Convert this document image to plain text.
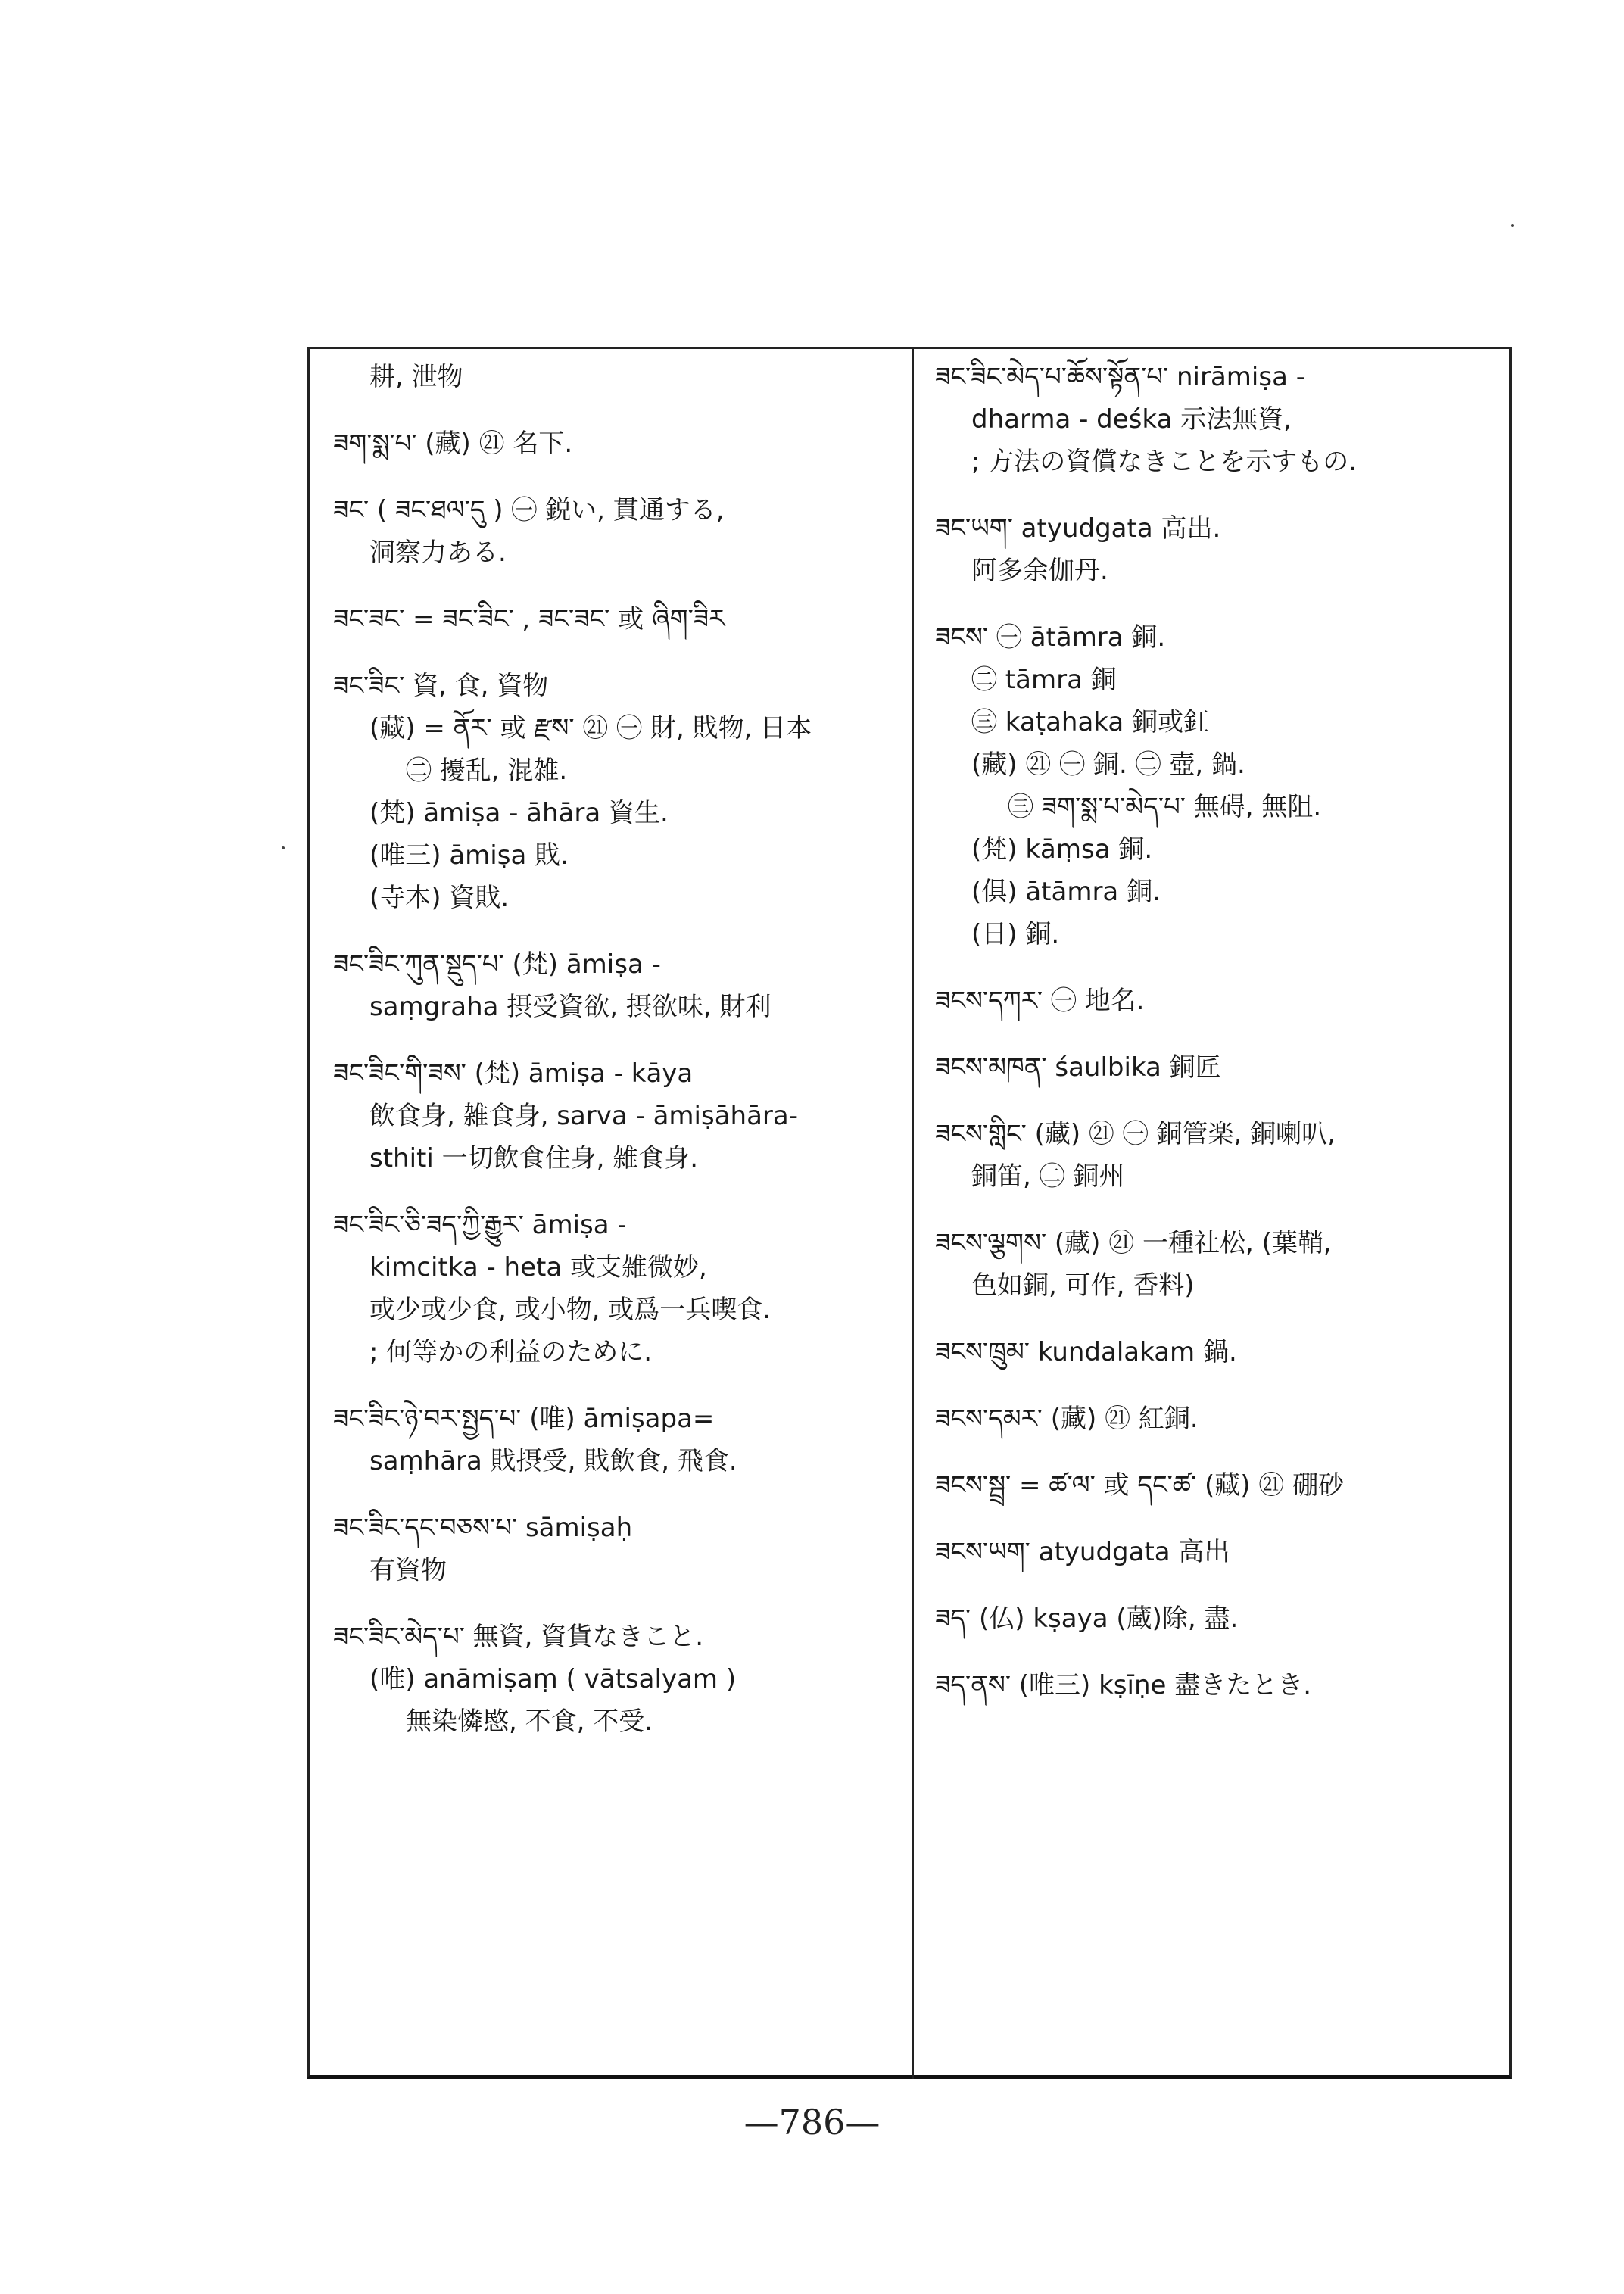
耕, 泄物
ཟག་སྨ་པ་ (藏) ㉑ 名下.
ཟང་ ( ཟང་ཐལ་དུ ) ㊀ 鋭い, 貫通する,
洞察力ある.
ཟང་ཟང་ = ཟང་ཟིང་ , ཟང་ཟང་ 或 ཞིག་ཟིར
ཟང་ཟིང་ 資, 食, 資物
(藏) = ནོར་ 或 རྫས་ ㉑ ㊀ 財, 戝物, 日本
㊁ 擾乱, 混雑.
(梵) āmiṣa - āhāra 資生.
(唯三) āmiṣa 戝.
(寺本) 資戝.
ཟང་ཟིང་ཀུན་སྡུད་པ་ (梵) āmiṣa -
saṃgraha 摂受資欲, 摂欲味, 財利
ཟང་ཟིང་གི་ཟས་ (梵) āmiṣa - kāya
飲食身, 雑食身, sarva - āmiṣāhāra-
sthiti 一切飲食住身, 雑食身.
ཟང་ཟིང་ཅི་ཟད་ཀྱི་རྒྱུར་ āmiṣa -
kimcitka - heta 或支雑微妙,
或少或少食, 或小物, 或爲一兵喫食.
; 何等かの利益のために.
ཟང་ཟིང་ཉེ་བར་སྤྱད་པ་ (唯) āmiṣapa=
saṃhāra 戝摂受, 戝飲食, 飛食.
ཟང་ཟིང་དང་བཅས་པ་ sāmiṣaḥ
有資物
ཟང་ཟིང་མེད་པ་ 無資, 資貨なきこと.
(唯) anāmiṣaṃ ( vātsalyam )
無染憐愍, 不食, 不受.
ཟང་ཟིང་མེད་པ་ཆོས་སྟོན་པ་ nirāmiṣa -
dharma - deśka 示法無資,
; 方法の資償なきことを示すもの.
ཟང་ཡག་ atyudgata 高出.
阿多余伽丹.
ཟངས་ ㊀ ātāmra 銅.
㊁ tāmra 銅
㊂ kaṭahaka 銅或釭
(藏) ㉑ ㊀ 銅. ㊁ 壺, 鍋.
㊂ ཟག་སྨ་པ་མེད་པ་ 無碍, 無阻.
(梵) kāṃsa 銅.
(俱) ātāmra 銅.
(日) 銅.
ཟངས་དཀར་ ㊀ 地名.
ཟངས་མཁན་ śaulbika 銅匠
ཟངས་གླིང་ (藏) ㉑ ㊀ 銅管楽, 銅喇叭,
銅笛, ㊁ 銅州
ཟངས་ལྕགས་ (藏) ㉑ 一種社松, (葉鞘,
色如銅, 可作, 香料)
ཟངས་ཁྲུམ་ kundalakam 鍋.
ཟངས་དམར་ (藏) ㉑ 紅銅.
ཟངས་སྦྲ་ = ཚ་ལ་ 或 དང་ཚ་ (藏) ㉑ 硼砂
ཟངས་ཡག་ atyudgata 高出
ཟད་ (仏) kṣaya (蔵)除, 盡.
ཟད་ནས་ (唯三) kṣīṇe 盡きたとき.
—786—
